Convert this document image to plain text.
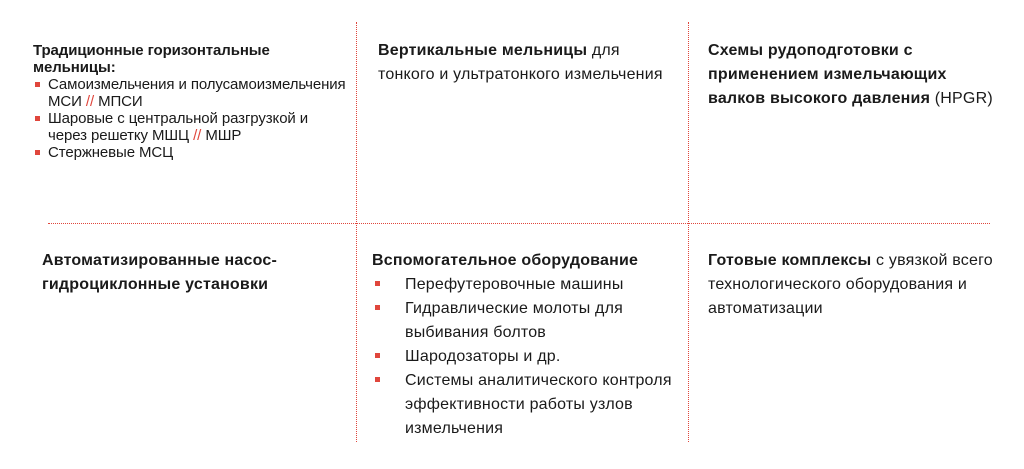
Традиционные горизонтальные мельницы:

Самоизмельчения и полусамоизмельчения МСИ // МПСИ
Шаровые с центральной разгрузкой и через решетку МШЦ // МШР
Стержневые МСЦ

Вертикальные мельницы для тонкого и ультратонкого измельчения

Схемы рудоподготовки с применением измельчающих валков высокого давления (HPGR)

Автоматизированные насос-гидроциклонные установки

Вспомогательное оборудование

Перефутеровочные машины
Гидравлические молоты для выбивания болтов
Шародозаторы и др.
Системы аналитического контроля эффективности работы узлов измельчения

Готовые комплексы с увязкой всего технологического оборудования и автоматизации
